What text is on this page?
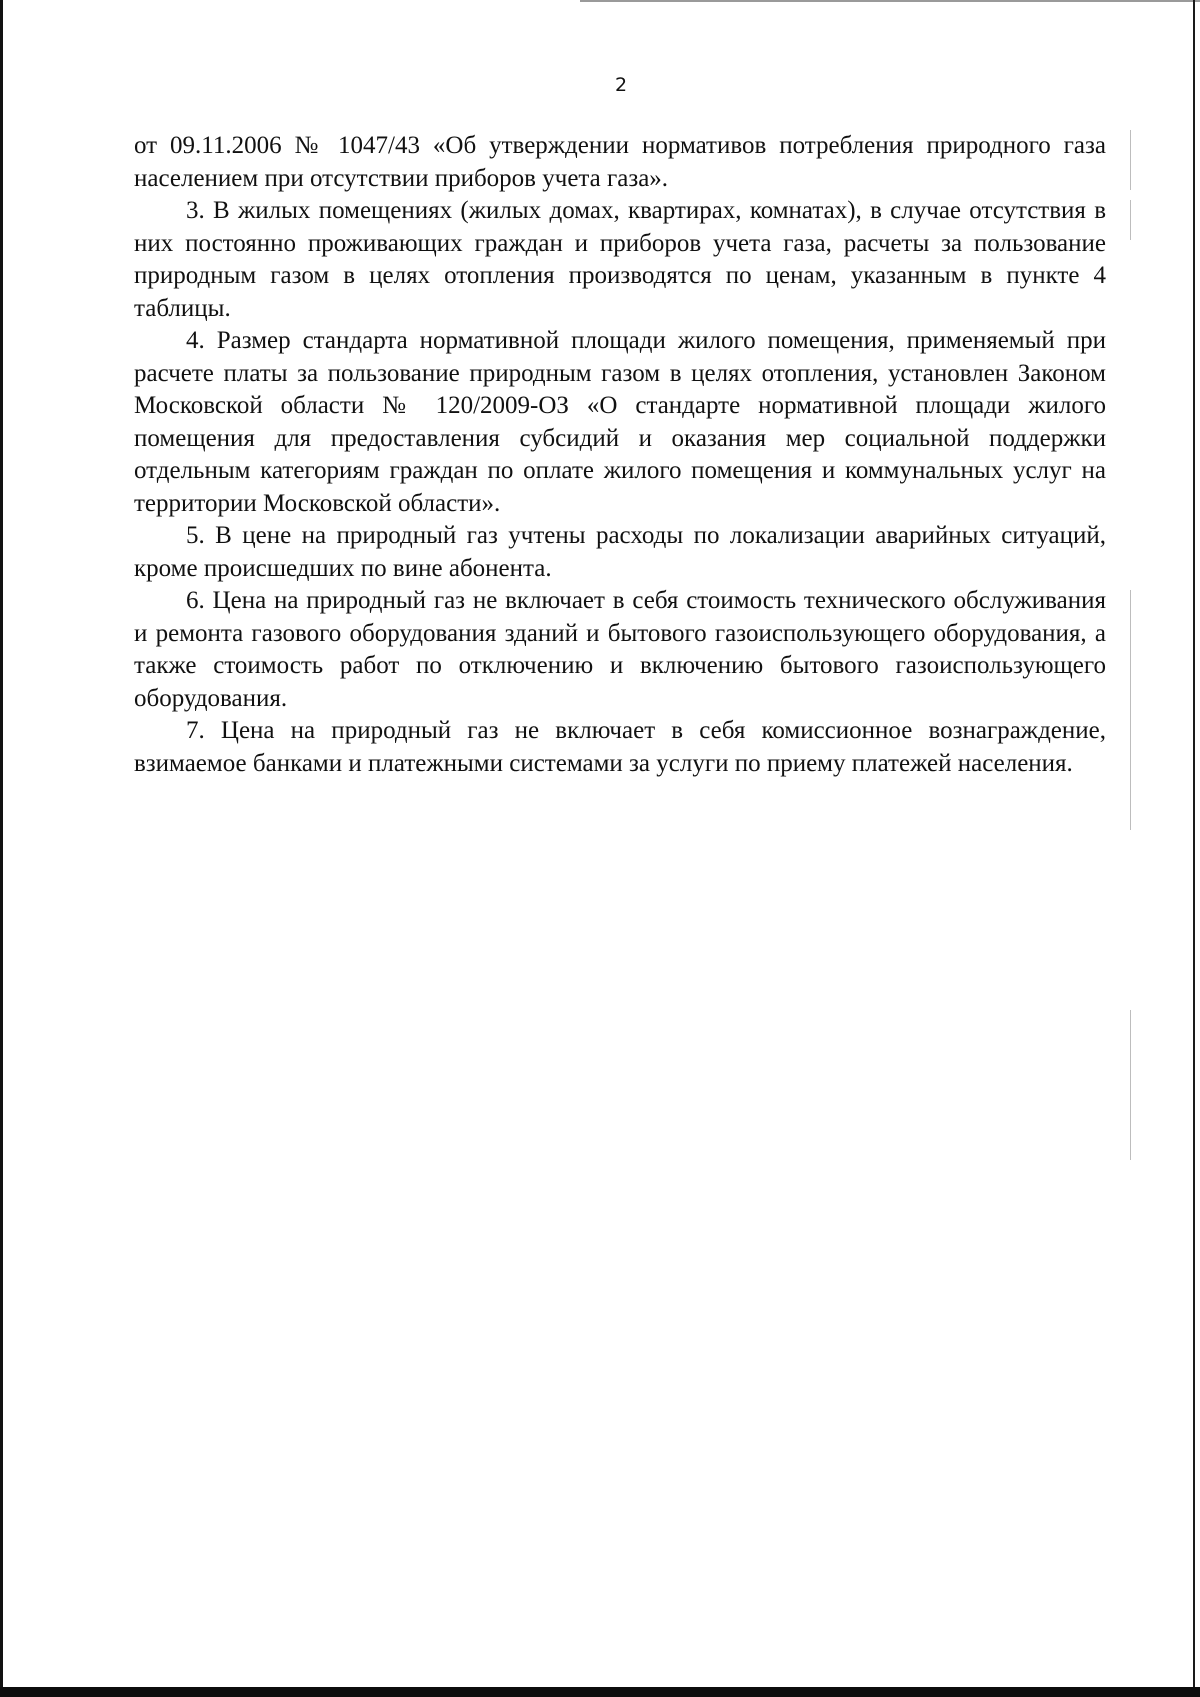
2

от 09.11.2006 № 1047/43 «Об утверждении нормативов потребления природного газа населением при отсутствии приборов учета газа».

3. В жилых помещениях (жилых домах, квартирах, комнатах), в случае отсутствия в них постоянно проживающих граждан и приборов учета газа, расчеты за пользование природным газом в целях отопления производятся по ценам, указанным в пункте 4 таблицы.

4. Размер стандарта нормативной площади жилого помещения, применяемый при расчете платы за пользование природным газом в целях отопления, установлен Законом Московской области № 120/2009-ОЗ «О стандарте нормативной площади жилого помещения для предоставления субсидий и оказания мер социальной поддержки отдельным категориям граждан по оплате жилого помещения и коммунальных услуг на территории Московской области».

5. В цене на природный газ учтены расходы по локализации аварийных ситуаций, кроме происшедших по вине абонента.

6. Цена на природный газ не включает в себя стоимость технического обслуживания и ремонта газового оборудования зданий и бытового газоиспользующего оборудования, а также стоимость работ по отключению и включению бытового газоиспользующего оборудования.

7. Цена на природный газ не включает в себя комиссионное вознаграждение, взимаемое банками и платежными системами за услуги по приему платежей населения.
